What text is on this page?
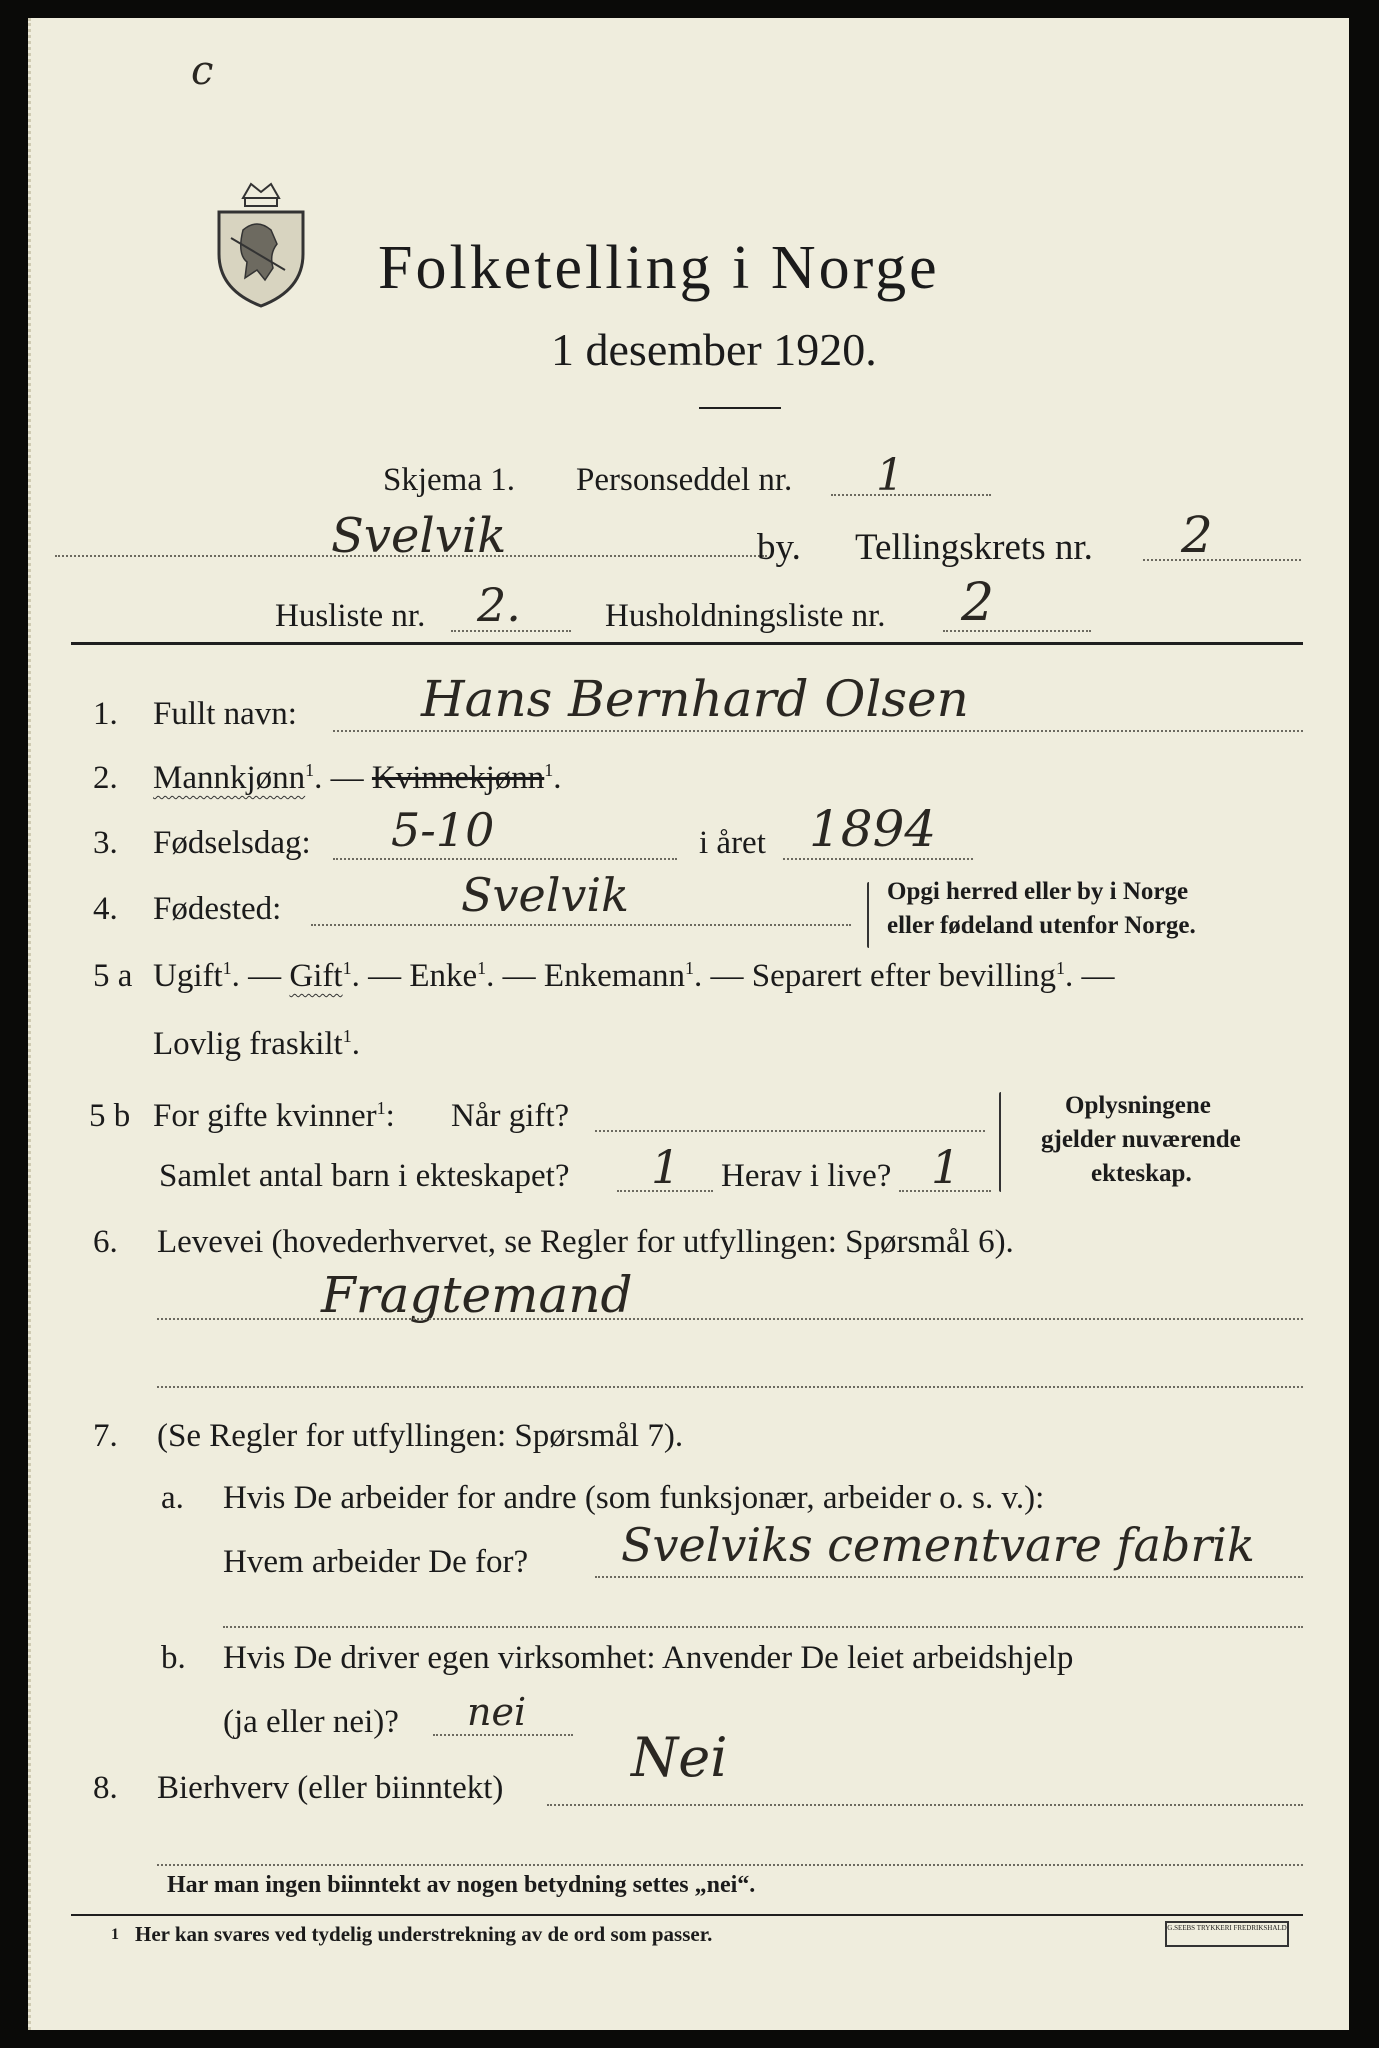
c
Folketelling i Norge
1 desember 1920.
Skjema 1. Personseddel nr. 1
Svelvik	by. Tellingskrets nr. 2
Husliste nr. 2.	Husholdningsliste nr. 2
1. Fullt navn: Hans Bernhard Olsen
2. Mannkjønn$^1$. — Kvinnekjønn$^1$.
3. Fødselsdag: 5-10	i året 1894
4. Fødested:	Svelvik	Opgi herred eller by i Norge
eller fødeland utenfor Norge.
5 a Ugift$^1$. — Gift$^1$. — Enke$^1$. — Enkemann$^1$. — Separert efter bevilling$^1$. —
Lovlig fraskilt$^1$.
5 b For gifte kvinner$^1$: Når gift?
Samlet antal barn i ekteskapet? 1 Herav i live? 1
Oplysningene
gjelder nuværende
ekteskap.
6. Levevei (hovederhvervet, se Regler for utfyllingen: Spørsmål 6).
Fragtemand
7. (Se Regler for utfyllingen: Spørsmål 7).
a. Hvis De arbeider for andre (som funksjonær, arbeider o. s. v.):
Hvem arbeider De for? Svelviks cementvare fabrik
b. Hvis De driver egen virksomhet: Anvender De leiet arbeidshjelp
(ja eller nei)? nei
8. Bierhverv (eller biinntekt) Nei
Har man ingen biinntekt av nogen betydning settes „nei“.
1 Her kan svares ved tydelig understrekning av de ord som passer.	G.SEEBS TRYKKERI FREDRIKSHALD
